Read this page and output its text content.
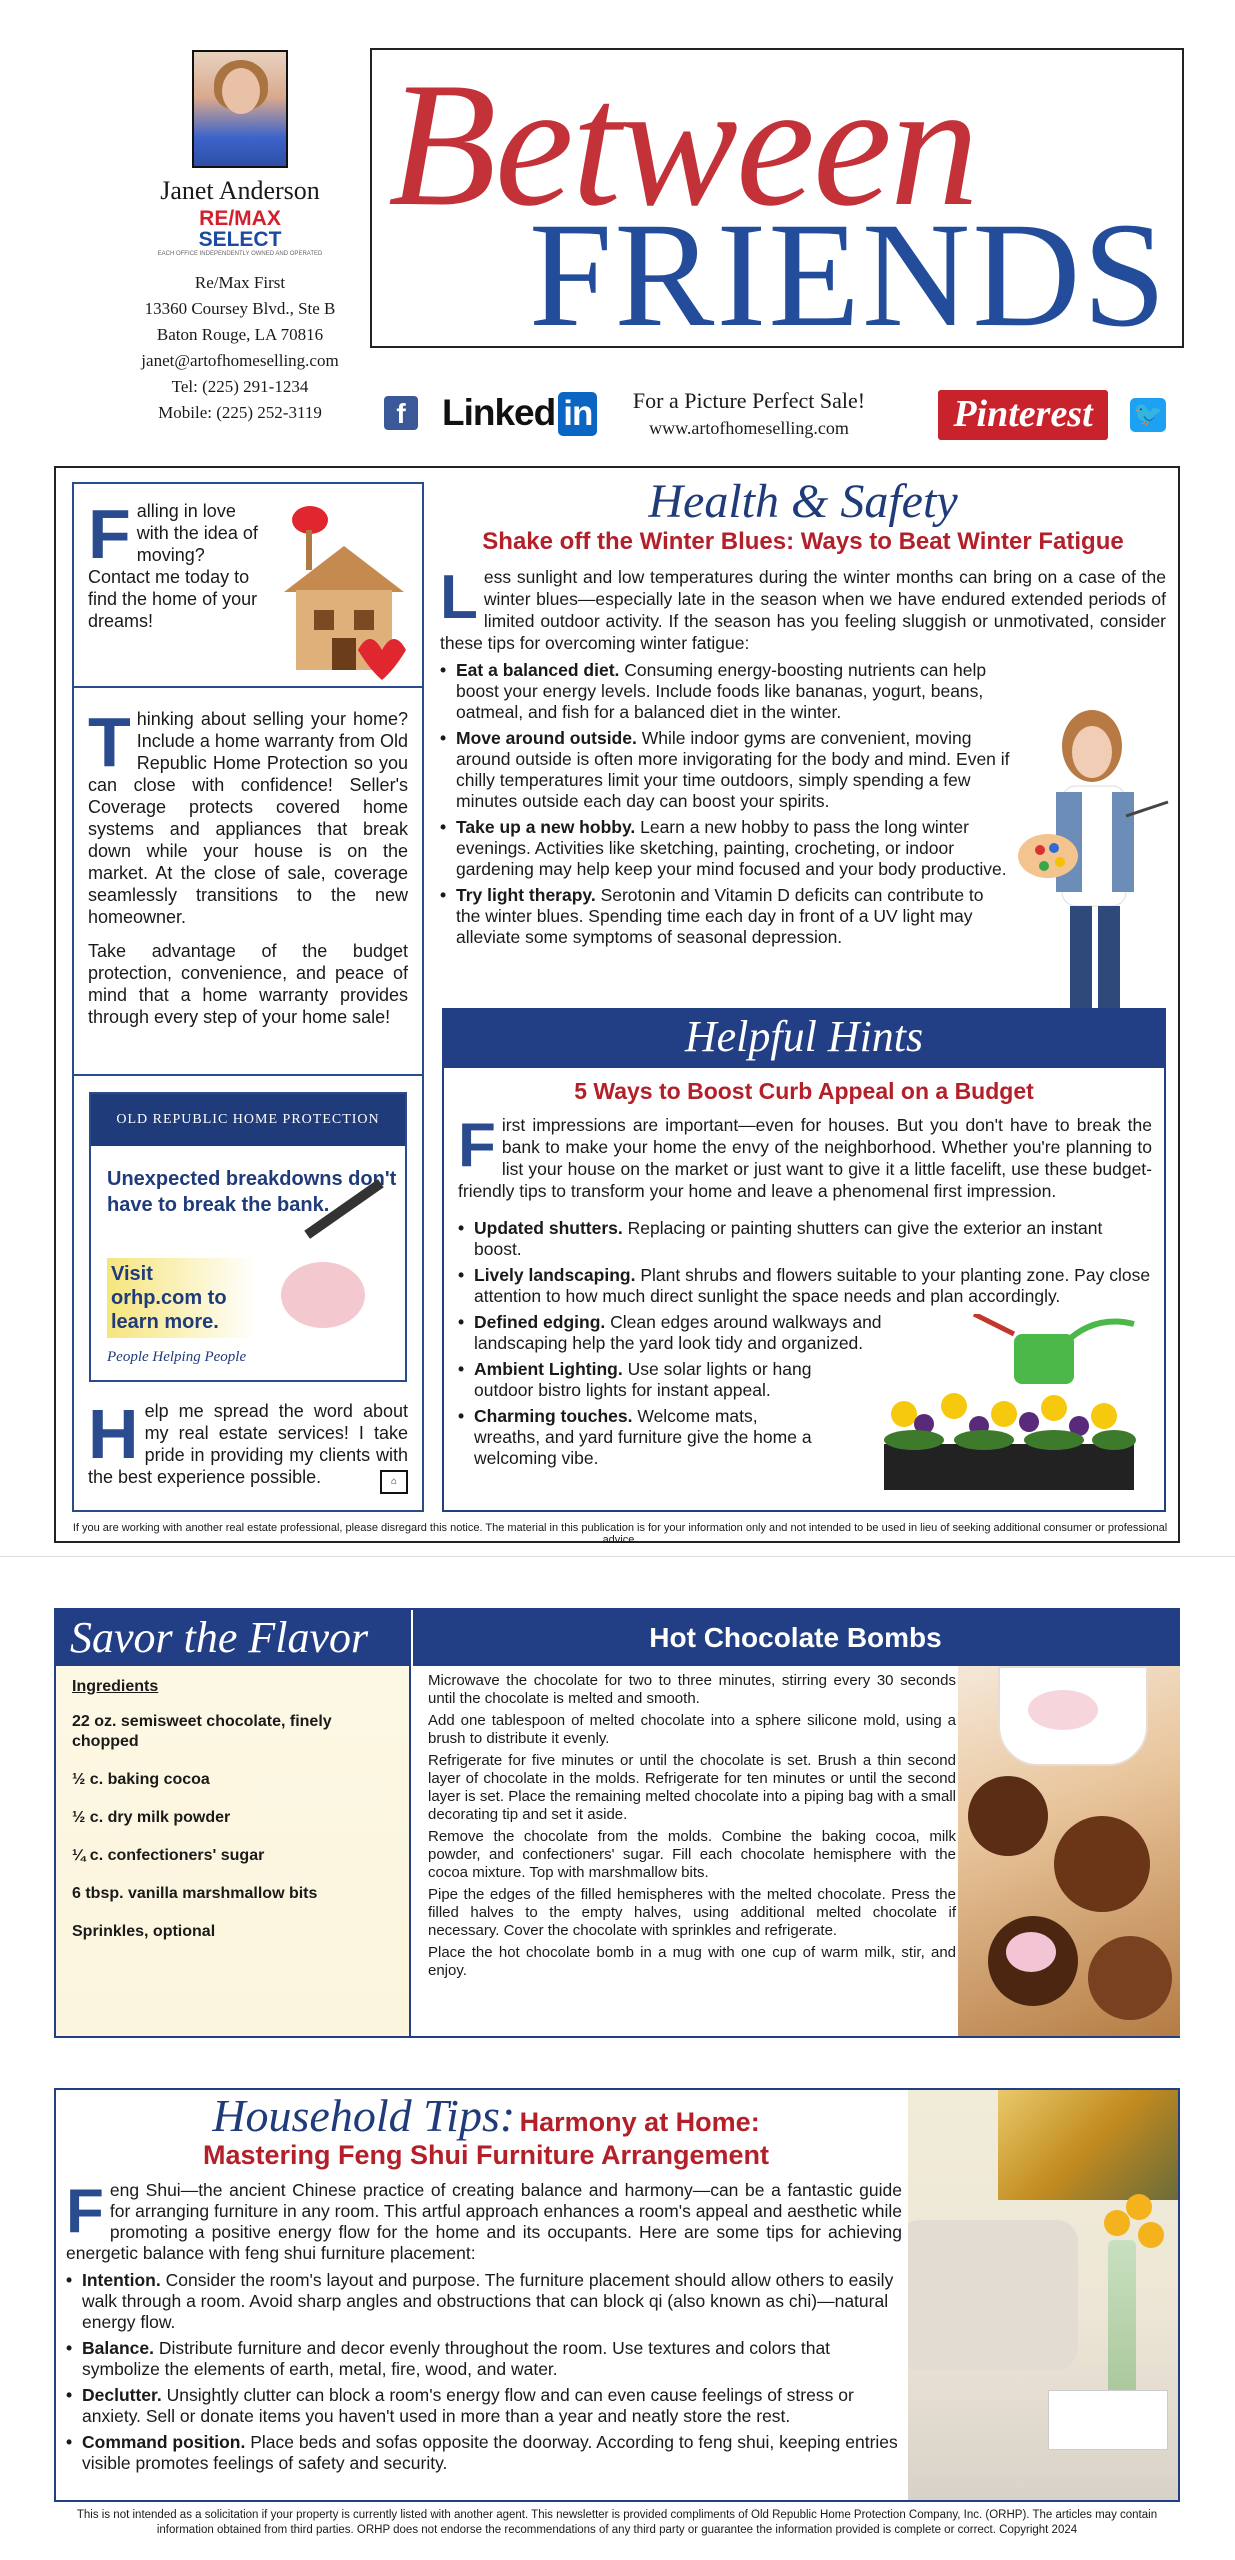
Janet Anderson
RE/MAX
SELECT
EACH OFFICE INDEPENDENTLY OWNED AND OPERATED
Re/Max First
13360 Coursey Blvd., Ste B
Baton Rouge, LA 70816
janet@artofhomeselling.com
Tel: (225) 291-1234
Mobile: (225) 252-3119
Between
FRIENDS
f Linked in	For a Picture Perfect Sale!
www.artofhomeselling.com	Pinterest	🐦
Falling in love with the idea of moving? Contact me today to find the home of your dreams!
Thinking about selling your home? Include a home warranty from Old Republic Home Protection so you can close with confidence! Seller's Coverage protects covered home systems and appliances that break down while your house is on the market. At the close of sale, coverage seamlessly transitions to the new homeowner.
Take advantage of the budget protection, convenience, and peace of mind that a home warranty provides through every step of your home sale!
OLD REPUBLIC HOME PROTECTION
Unexpected breakdowns don't have to break the bank.
Visit orhp.com to learn more.
People Helping People
Help me spread the word about my real estate services! I take pride in providing my clients with the best experience possible.	⌂
Health & Safety
Shake off the Winter Blues: Ways to Beat Winter Fatigue
Less sunlight and low temperatures during the winter months can bring on a case of the winter blues—especially late in the season when we have endured extended periods of limited outdoor activity. If the season has you feeling sluggish or unmotivated, consider these tips for overcoming winter fatigue:
• Eat a balanced diet. Consuming energy-boosting nutrients can help boost your energy levels. Include foods like bananas, yogurt, beans, oatmeal, and fish for a balanced diet in the winter.
• Move around outside. While indoor gyms are convenient, moving around outside is often more invigorating for the body and mind. Even if chilly temperatures limit your time outdoors, simply spending a few minutes outside each day can boost your spirits.
• Take up a new hobby. Learn a new hobby to pass the long winter evenings. Activities like sketching, painting, crocheting, or indoor gardening may help keep your mind focused and your body productive.
• Try light therapy. Serotonin and Vitamin D deficits can contribute to the winter blues. Spending time each day in front of a UV light may alleviate some symptoms of seasonal depression.
Helpful Hints
5 Ways to Boost Curb Appeal on a Budget
First impressions are important—even for houses. But you don't have to break the bank to make your home the envy of the neighborhood. Whether you're planning to list your house on the market or just want to give it a little facelift, use these budget-friendly tips to transform your home and leave a phenomenal first impression.
• Updated shutters. Replacing or painting shutters can give the exterior an instant boost.
• Lively landscaping. Plant shrubs and flowers suitable to your planting zone. Pay close attention to how much direct sunlight the space needs and plan accordingly.
• Defined edging. Clean edges around walkways and landscaping help the yard look tidy and organized.
• Ambient Lighting. Use solar lights or hang outdoor bistro lights for instant appeal.
• Charming touches. Welcome mats, wreaths, and yard furniture give the home a welcoming vibe.
If you are working with another real estate professional, please disregard this notice. The material in this publication is for your information only and not intended to be used in lieu of seeking additional consumer or professional advice.
Savor the Flavor	Hot Chocolate Bombs
Ingredients
22 oz. semisweet chocolate, finely chopped
½ c. baking cocoa
½ c. dry milk powder
¼ c. confectioners' sugar
6 tbsp. vanilla marshmallow bits
Sprinkles, optional

Microwave the chocolate for two to three minutes, stirring every 30 seconds until the chocolate is melted and smooth.

Add one tablespoon of melted chocolate into a sphere silicone mold, using a brush to distribute it evenly.

Refrigerate for five minutes or until the chocolate is set. Brush a thin second layer of chocolate in the molds. Refrigerate for ten minutes or until the second layer is set. Place the remaining melted chocolate into a piping bag with a small decorating tip and set it aside.

Remove the chocolate from the molds. Combine the baking cocoa, milk powder, and confectioners' sugar. Fill each chocolate hemisphere with the cocoa mixture. Top with marshmallow bits.

Pipe the edges of the filled hemispheres with the melted chocolate. Press the filled halves to the empty halves, using additional melted chocolate if necessary. Cover the chocolate with sprinkles and refrigerate.

Place the hot chocolate bomb in a mug with one cup of warm milk, stir, and enjoy.

Household Tips: Harmony at Home:
Mastering Feng Shui Furniture Arrangement
Feng Shui—the ancient Chinese practice of creating balance and harmony—can be a fantastic guide for arranging furniture in any room. This artful approach enhances a room's appeal and aesthetic while promoting a positive energy flow for the home and its occupants. Here are some tips for achieving energetic balance with feng shui furniture placement:
• Intention. Consider the room's layout and purpose. The furniture placement should allow others to easily walk through a room. Avoid sharp angles and obstructions that can block qi (also known as chi)—natural energy flow.
• Balance. Distribute furniture and decor evenly throughout the room. Use textures and colors that symbolize the elements of earth, metal, fire, wood, and water.
• Declutter. Unsightly clutter can block a room's energy flow and can even cause feelings of stress or anxiety. Sell or donate items you haven't used in more than a year and neatly store the rest.
• Command position. Place beds and sofas opposite the doorway. According to feng shui, keeping entries visible promotes feelings of safety and security.
This is not intended as a solicitation if your property is currently listed with another agent. This newsletter is provided compliments of Old Republic Home Protection Company, Inc. (ORHP). The articles may contain information obtained from third parties. ORHP does not endorse the recommendations of any third party or guarantee the information provided is complete or correct. Copyright 2024
